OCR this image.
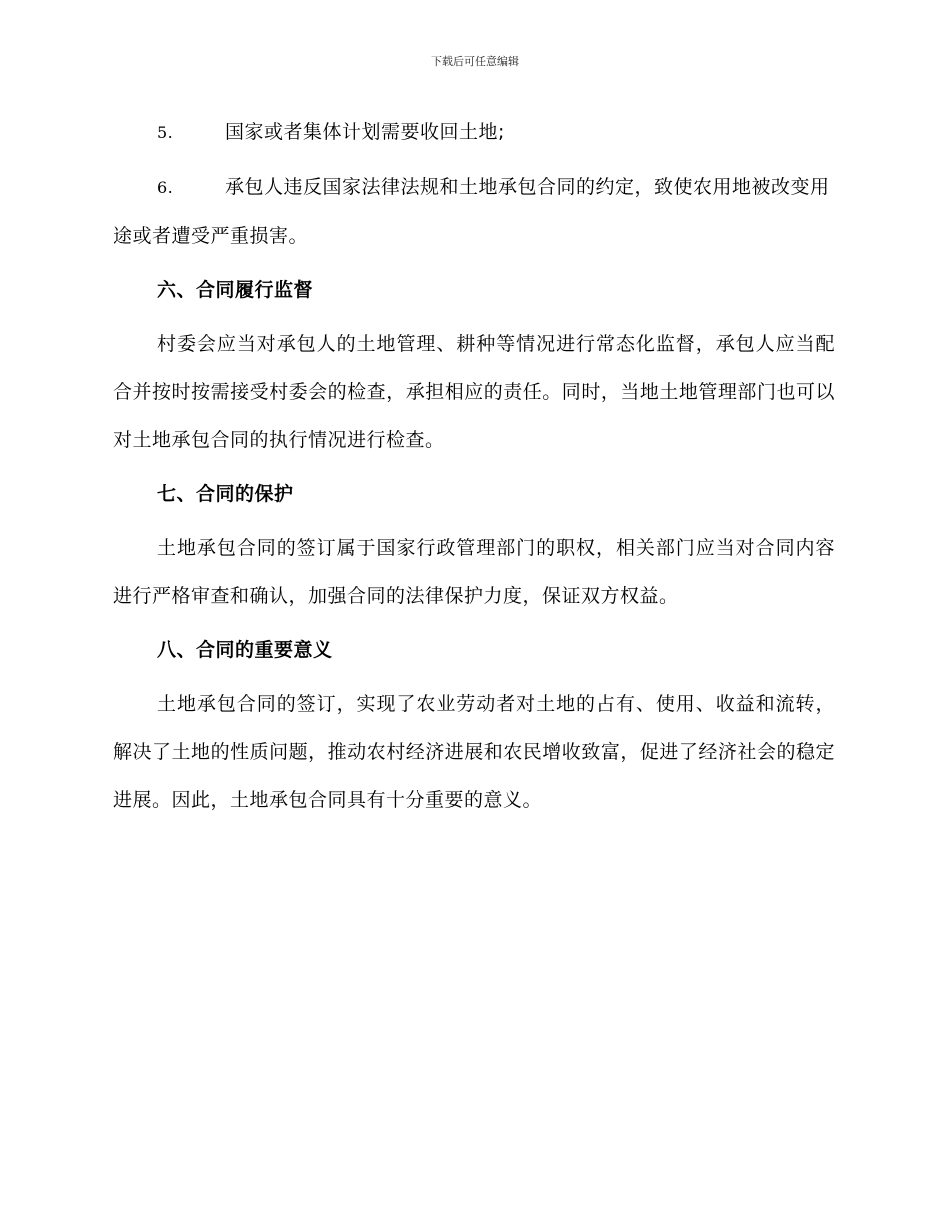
下载后可任意编辑

5.	国家或者集体计划需要收回土地;

6.	承包人违反国家法律法规和土地承包合同的约定，致使农用地被改变用途或者遭受严重损害。

六、合同履行监督

村委会应当对承包人的土地管理、耕种等情况进行常态化监督，承包人应当配合并按时按需接受村委会的检查，承担相应的责任。同时，当地土地管理部门也可以对土地承包合同的执行情况进行检查。

七、合同的保护

土地承包合同的签订属于国家行政管理部门的职权，相关部门应当对合同内容进行严格审查和确认，加强合同的法律保护力度，保证双方权益。

八、合同的重要意义

土地承包合同的签订，实现了农业劳动者对土地的占有、使用、收益和流转，解决了土地的性质问题，推动农村经济进展和农民增收致富，促进了经济社会的稳定进展。因此，土地承包合同具有十分重要的意义。
